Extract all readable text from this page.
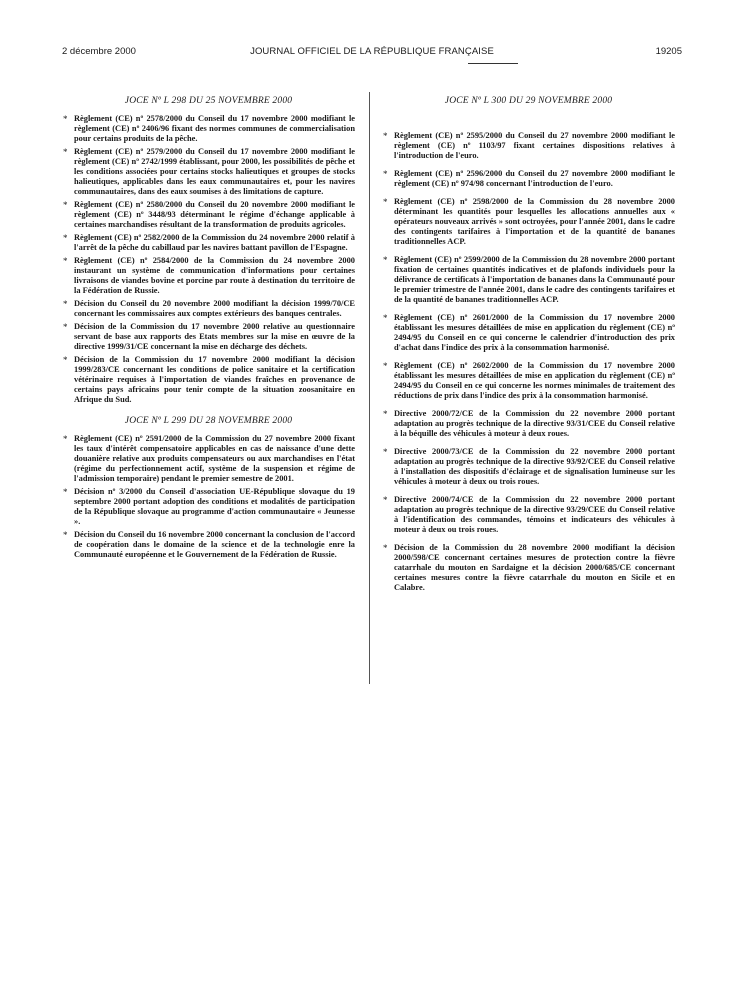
2 décembre 2000	JOURNAL OFFICIEL DE LA RÉPUBLIQUE FRANÇAISE	19205
JOCE Nº L 298 DU 25 NOVEMBRE 2000
* Règlement (CE) nº 2578/2000 du Conseil du 17 novembre 2000 modifiant le règlement (CE) nº 2406/96 fixant des normes communes de commercialisation pour certains produits de la pêche.
* Règlement (CE) nº 2579/2000 du Conseil du 17 novembre 2000 modifiant le règlement (CE) nº 2742/1999 établissant, pour 2000, les possibilités de pêche et les conditions associées pour certains stocks halieutiques et groupes de stocks halieutiques, applicables dans les eaux communautaires et, pour les navires communautaires, dans des eaux soumises à des limitations de capture.
* Règlement (CE) nº 2580/2000 du Conseil du 20 novembre 2000 modifiant le règlement (CE) nº 3448/93 déterminant le régime d'échange applicable à certaines marchandises résultant de la transformation de produits agricoles.
* Règlement (CE) nº 2582/2000 de la Commission du 24 novembre 2000 relatif à l'arrêt de la pêche du cabillaud par les navires battant pavillon de l'Espagne.
* Règlement (CE) nº 2584/2000 de la Commission du 24 novembre 2000 instaurant un système de communication d'informations pour certaines livraisons de viandes bovine et porcine par route à destination du territoire de la Fédération de Russie.
* Décision du Conseil du 20 novembre 2000 modifiant la décision 1999/70/CE concernant les commissaires aux comptes extérieurs des banques centrales.
* Décision de la Commission du 17 novembre 2000 relative au questionnaire servant de base aux rapports des Etats membres sur la mise en œuvre de la directive 1999/31/CE concernant la mise en décharge des déchets.
* Décision de la Commission du 17 novembre 2000 modifiant la décision 1999/283/CE concernant les conditions de police sanitaire et la certification vétérinaire requises à l'importation de viandes fraîches en provenance de certains pays africains pour tenir compte de la situation zoosanitaire en Afrique du Sud.
JOCE Nº L 299 DU 28 NOVEMBRE 2000
* Règlement (CE) nº 2591/2000 de la Commission du 27 novembre 2000 fixant les taux d'intérêt compensatoire applicables en cas de naissance d'une dette douanière relative aux produits compensateurs ou aux marchandises en l'état (régime du perfectionnement actif, système de la suspension et régime de l'admission temporaire) pendant le premier semestre de 2001.
* Décision nº 3/2000 du Conseil d'association UE-République slovaque du 19 septembre 2000 portant adoption des conditions et modalités de participation de la République slovaque au programme d'action communautaire « Jeunesse ».
* Décision du Conseil du 16 novembre 2000 concernant la conclusion de l'accord de coopération dans le domaine de la science et de la technologie enre la Communauté européenne et le Gouvernement de la Fédération de Russie.
JOCE Nº L 300 DU 29 NOVEMBRE 2000
* Règlement (CE) nº 2595/2000 du Conseil du 27 novembre 2000 modifiant le règlement (CE) nº 1103/97 fixant certaines dispositions relatives à l'introduction de l'euro.
* Règlement (CE) nº 2596/2000 du Conseil du 27 novembre 2000 modifiant le règlement (CE) nº 974/98 concernant l'introduction de l'euro.
* Règlement (CE) nº 2598/2000 de la Commission du 28 novembre 2000 déterminant les quantités pour lesquelles les allocations annuelles aux « opérateurs nouveaux arrivés » sont octroyées, pour l'année 2001, dans le cadre des contingents tarifaires à l'importation et de la quantité de bananes traditionnelles ACP.
* Règlement (CE) nº 2599/2000 de la Commission du 28 novembre 2000 portant fixation de certaines quantités indicatives et de plafonds individuels pour la délivrance de certificats à l'importation de bananes dans la Communauté pour le premier trimestre de l'année 2001, dans le cadre des contingents tarifaires et de la quantité de bananes traditionnelles ACP.
* Règlement (CE) nº 2601/2000 de la Commission du 17 novembre 2000 établissant les mesures détaillées de mise en application du règlement (CE) nº 2494/95 du Conseil en ce qui concerne le calendrier d'introduction des prix d'achat dans l'indice des prix à la consommation harmonisé.
* Règlement (CE) nº 2602/2000 de la Commission du 17 novembre 2000 établissant les mesures détaillées de mise en application du règlement (CE) nº 2494/95 du Conseil en ce qui concerne les normes minimales de traitement des réductions de prix dans l'indice des prix à la consommation harmonisé.
* Directive 2000/72/CE de la Commission du 22 novembre 2000 portant adaptation au progrès technique de la directive 93/31/CEE du Conseil relative à la béquille des véhicules à moteur à deux roues.
* Directive 2000/73/CE de la Commission du 22 novembre 2000 portant adaptation au progrès technique de la directive 93/92/CEE du Conseil relative à l'installation des dispositifs d'éclairage et de signalisation lumineuse sur les véhicules à moteur à deux ou trois roues.
* Directive 2000/74/CE de la Commission du 22 novembre 2000 portant adaptation au progrès technique de la directive 93/29/CEE du Conseil relative à l'identification des commandes, témoins et indicateurs des véhicules à moteur à deux ou trois roues.
* Décision de la Commission du 28 novembre 2000 modifiant la décision 2000/598/CE concernant certaines mesures de protection contre la fièvre catarrhale du mouton en Sardaigne et la décision 2000/685/CE concernant certaines mesures contre la fièvre catarrhale du mouton en Sicile et en Calabre.
